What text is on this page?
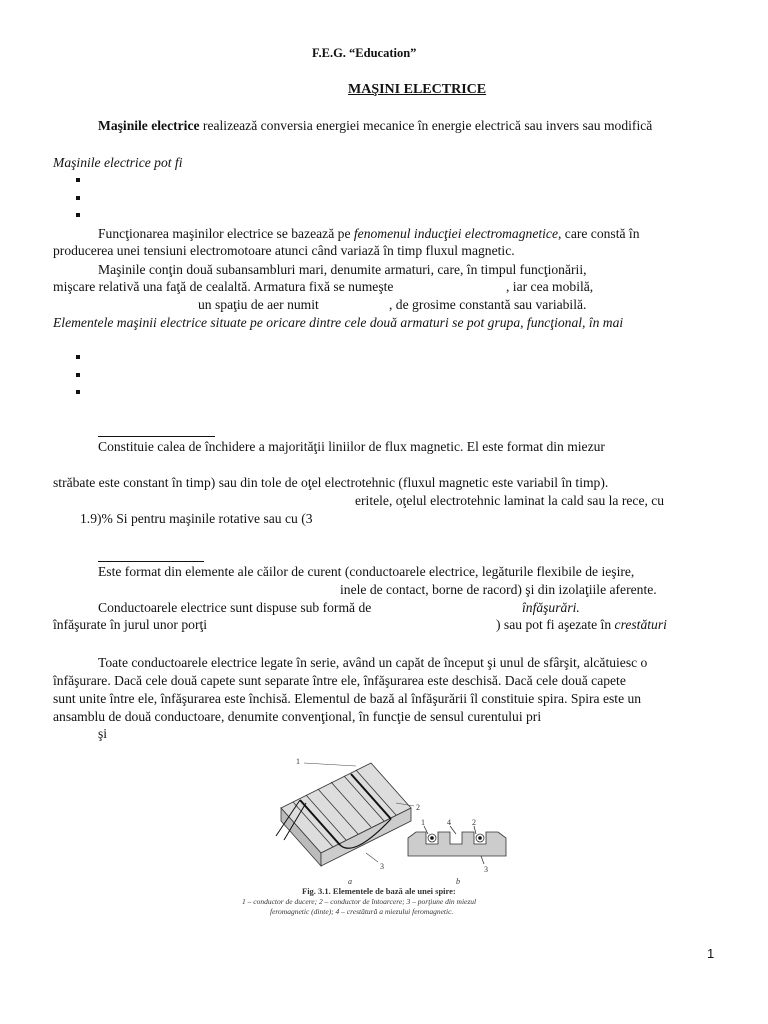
F.E.G. “Education”
MAŞINI ELECTRICE
Maşinile electrice realizează conversia energiei mecanice în energie electrică sau invers sau modifică
Maşinile electrice pot fi
Funcţionarea maşinilor electrice se bazează pe fenomenul inducţiei electromagnetice, care constă în
producerea unei tensiuni electromotoare atunci când variază în timp fluxul magnetic.
Maşinile conţin două subansambluri mari, denumite armaturi, care, în timpul funcţionării,
mişcare relativă una faţă de cealaltă. Armatura fixă se numeşte	, iar cea mobilă,
un spaţiu de aer numit	, de grosime constantă sau variabilă.
Elementele maşinii electrice situate pe oricare dintre cele două armaturi se pot grupa, funcţional, în mai
Constituie calea de închidere a majorităţii liniilor de flux magnetic. El este format din miezur
străbate este constant în timp) sau din tole de oţel electrotehnic (fluxul magnetic este variabil în timp).
eritele, oţelul electrotehnic laminat la cald sau la rece, cu
1.9)% Si pentru maşinile rotative sau cu (3
Este format din elemente ale căilor de curent (conductoarele electrice, legăturile flexibile de ieşire,
inele de contact, borne de racord) şi din izolaţiile aferente.
Conductoarele electrice sunt dispuse sub formă de	înfăşurări.
înfăşurate în jurul unor porţi	) sau pot fi aşezate în crestături
Toate conductoarele electrice legate în serie, având un capăt de început şi unul de sfârşit, alcătuiesc o
înfăşurare. Dacă cele două capete sunt separate între ele, înfăşurarea este deschisă. Dacă cele două capete
sunt unite între ele, înfăşurarea este închisă. Elementul de bază al înfăşurării îl constituie spira. Spira este un
ansamblu de două conductoare, denumite convenţional, în funcţie de sensul curentului pri
şi
1
2
3
1	4	2
3
a	b
Fig. 3.1. Elementele de bază ale unei spire:
1 – conductor de ducere; 2 – conductor de întoarcere; 3 – porţiune din miezul
feromagnetic (dinte); 4 – crestătură a miezului feromagnetic.
1
